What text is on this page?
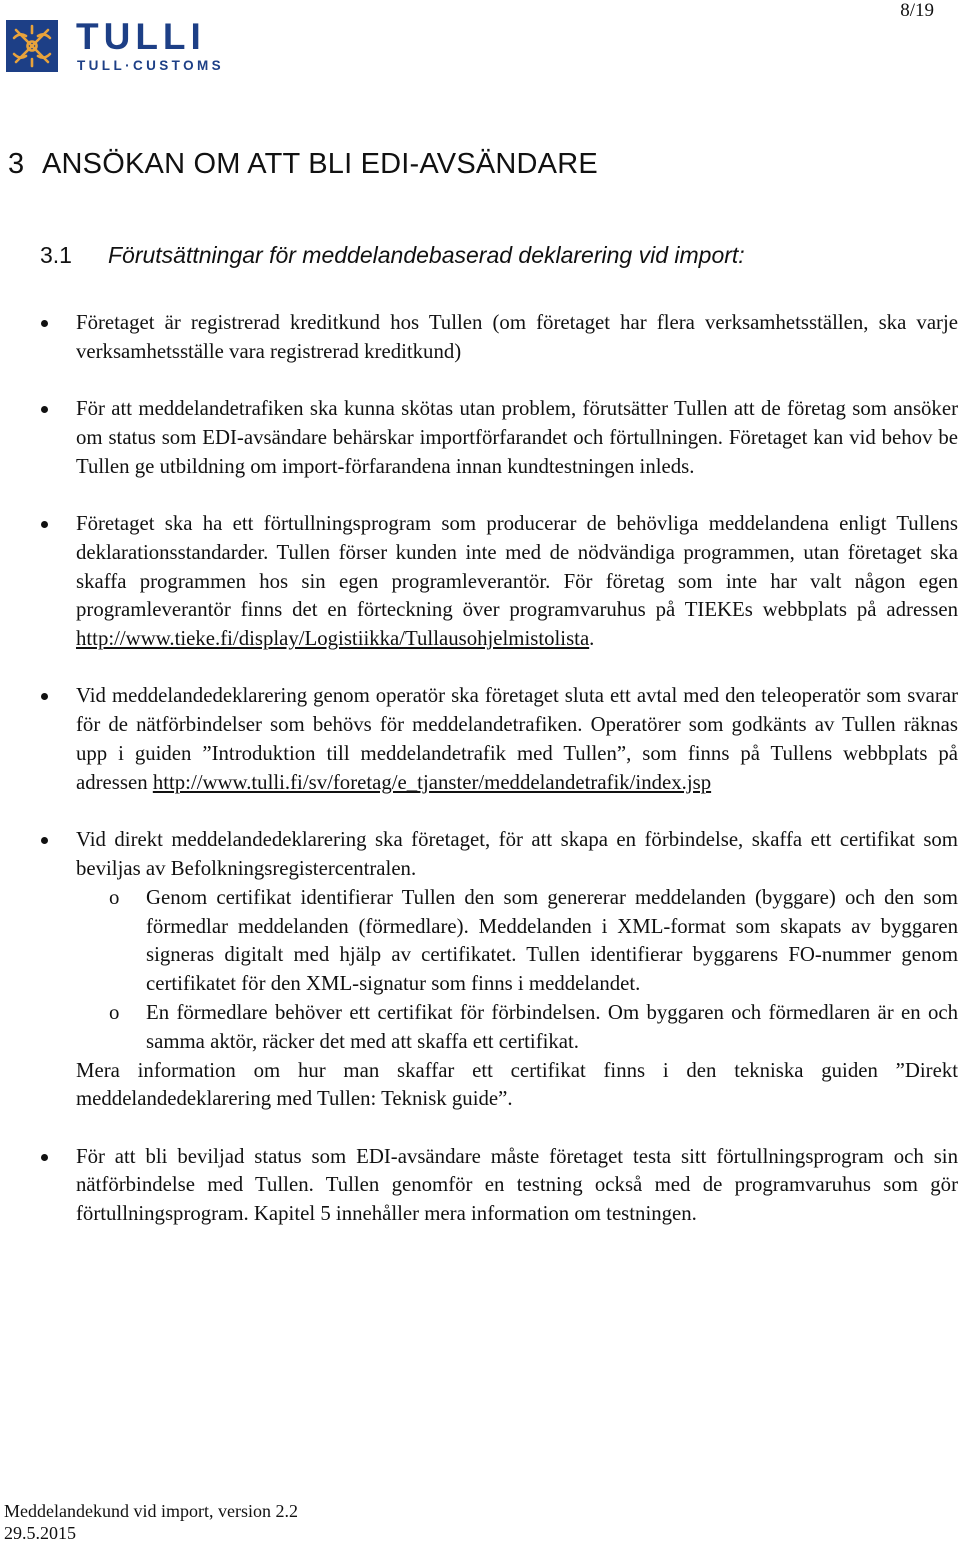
8/19
TULLI
TULL·CUSTOMS
3 ANSÖKAN OM ATT BLI EDI-AVSÄNDARE
3.1 Förutsättningar för meddelandebaserad deklarering vid import:
Företaget är registrerad kreditkund hos Tullen (om företaget har flera verksamhetsställen, ska varje verksamhetsställe vara registrerad kreditkund)
För att meddelandetrafiken ska kunna skötas utan problem, förutsätter Tullen att de företag som ansöker om status som EDI-avsändare behärskar importförfarandet och förtullningen. Företaget kan vid behov be Tullen ge utbildning om import-förfarandena innan kundtestningen inleds.
Företaget ska ha ett förtullningsprogram som producerar de behövliga meddelandena enligt Tullens deklarationsstandarder. Tullen förser kunden inte med de nödvändiga programmen, utan företaget ska skaffa programmen hos sin egen programleverantör. För företag som inte har valt någon egen programleverantör finns det en förteckning över programvaruhus på TIEKEs webbplats på adressen http://www.tieke.fi/display/Logistiikka/Tullausohjelmistolista.
Vid meddelandedeklarering genom operatör ska företaget sluta ett avtal med den teleoperatör som svarar för de nätförbindelser som behövs för meddelandetrafiken. Operatörer som godkänts av Tullen räknas upp i guiden ”Introduktion till meddelandetrafik med Tullen”, som finns på Tullens webbplats på adressen http://www.tulli.fi/sv/foretag/e_tjanster/meddelandetrafik/index.jsp
Vid direkt meddelandedeklarering ska företaget, för att skapa en förbindelse, skaffa ett certifikat som beviljas av Befolkningsregistercentralen.
o Genom certifikat identifierar Tullen den som genererar meddelanden (byggare) och den som förmedlar meddelanden (förmedlare). Meddelanden i XML-format som skapats av byggaren signeras digitalt med hjälp av certifikatet. Tullen identifierar byggarens FO-nummer genom certifikatet för den XML-signatur som finns i meddelandet.
o En förmedlare behöver ett certifikat för förbindelsen. Om byggaren och förmedlaren är en och samma aktör, räcker det med att skaffa ett certifikat.
Mera information om hur man skaffar ett certifikat finns i den tekniska guiden ”Direkt meddelandedeklarering med Tullen: Teknisk guide”.
För att bli beviljad status som EDI-avsändare måste företaget testa sitt förtullningsprogram och sin nätförbindelse med Tullen. Tullen genomför en testning också med de programvaruhus som gör förtullningsprogram. Kapitel 5 innehåller mera information om testningen.
Meddelandekund vid import, version 2.2
29.5.2015
